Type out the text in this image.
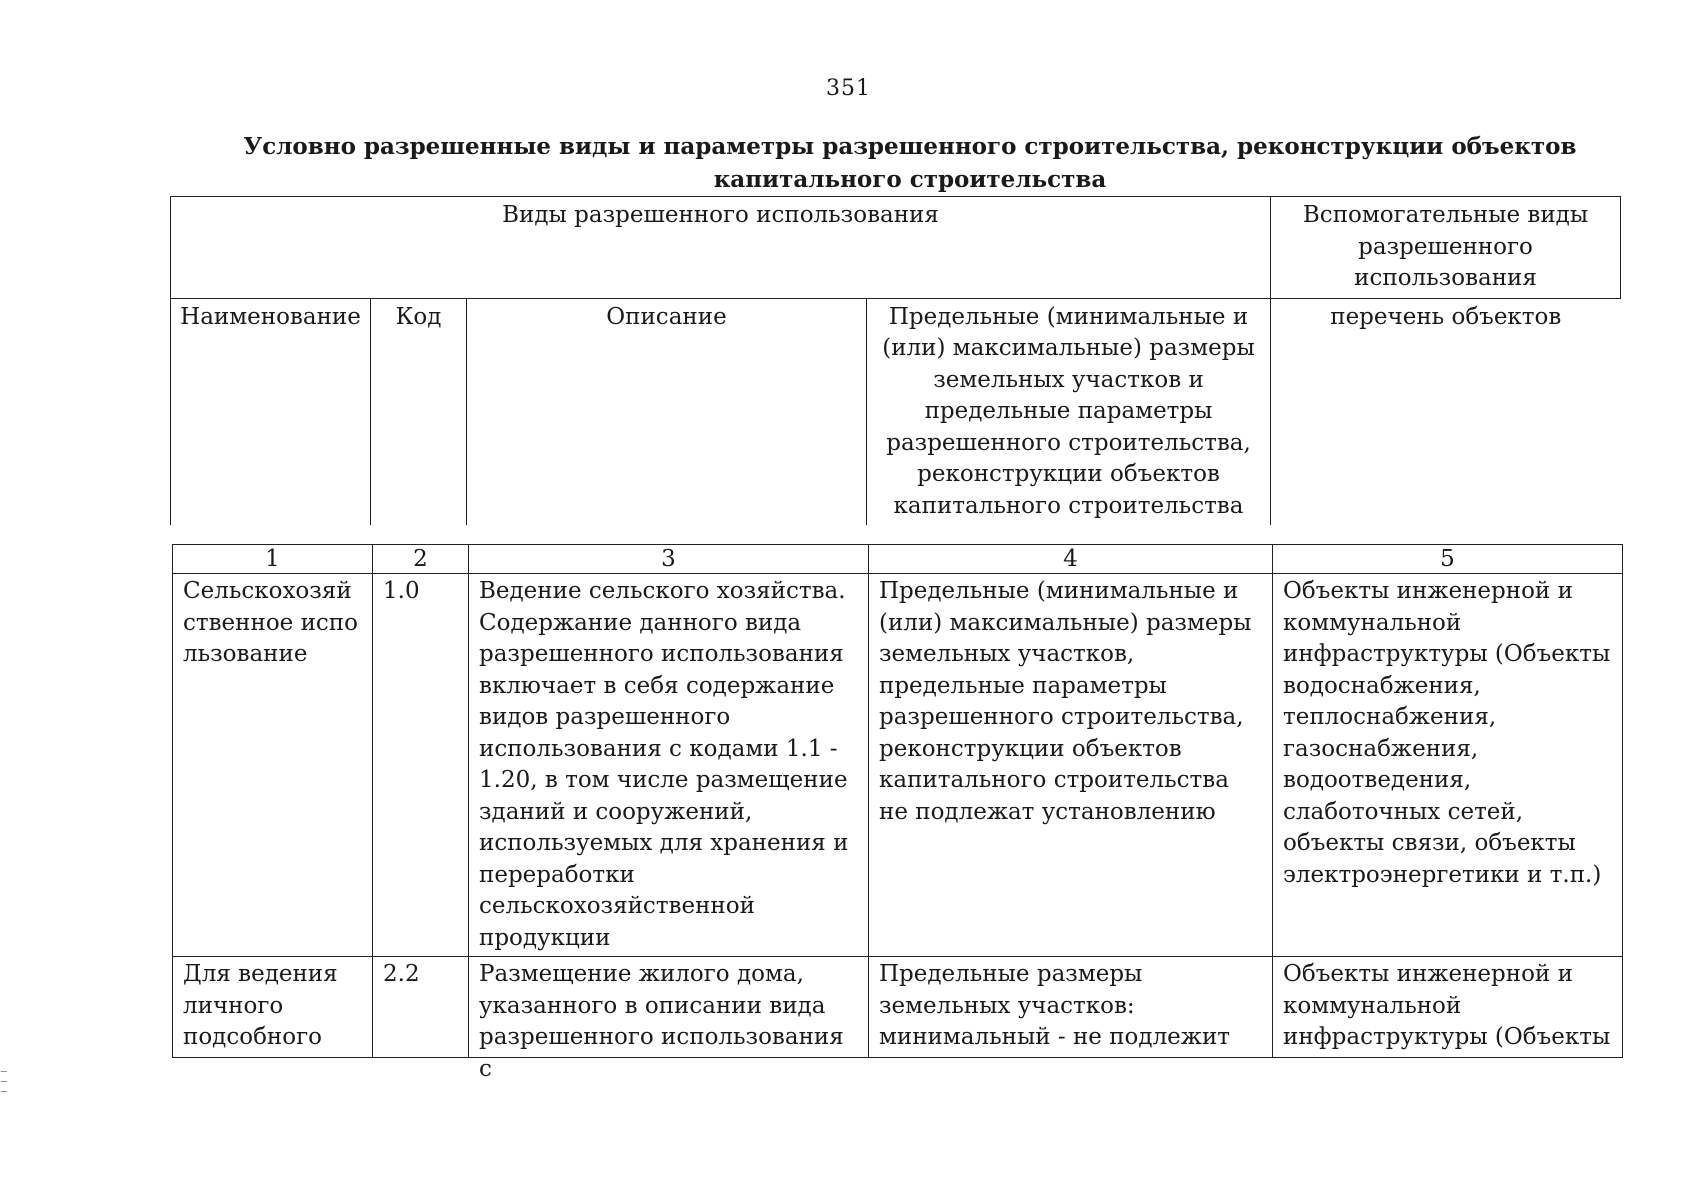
351
Условно разрешенные виды и параметры разрешенного строительства, реконструкции объектов капитального строительства
Виды разрешенного использования				Вспомогательные виды разрешенного использования
Наименование	Код	Описание	Предельные (минимальные и (или) максимальные) размеры земельных участков и предельные параметры разрешенного строительства, реконструкции объектов капитального строительства	перечень объектов
1	2	3	4	5
Сельскохозяйственное использование	1.0	Ведение сельского хозяйства. Содержание данного вида разрешенного использования включает в себя содержание видов разрешенного использования с кодами 1.1 - 1.20, в том числе размещение зданий и сооружений, используемых для хранения и переработки сельскохозяйственной продукции	Предельные (минимальные и (или) максимальные) размеры земельных участков, предельные параметры разрешенного строительства, реконструкции объектов капитального строительства не подлежат установлению	Объекты инженерной и коммунальной инфраструктуры (Объекты водоснабжения, теплоснабжения, газоснабжения, водоотведения, слаботочных сетей, объекты связи, объекты электроэнергетики и т.п.)

Для ведения личного подсобного	2.2	Размещение жилого дома, указанного в описании вида разрешенного использования с	Предельные размеры земельных участков: минимальный - не подлежит	Объекты инженерной и коммунальной инфраструктуры (Объекты
‒
‒
‒
